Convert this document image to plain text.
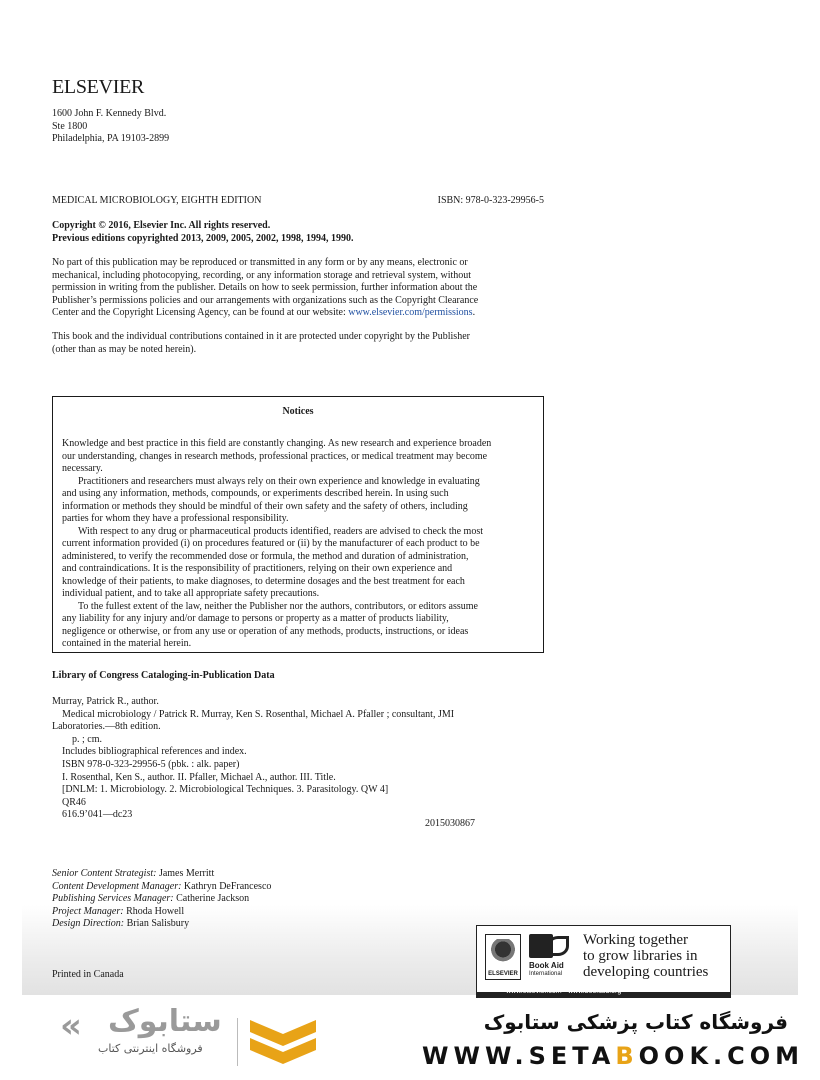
ELSEVIER
1600 John F. Kennedy Blvd.
Ste 1800
Philadelphia, PA 19103-2899
MEDICAL MICROBIOLOGY, EIGHTH EDITION	ISBN: 978-0-323-29956-5
Copyright © 2016, Elsevier Inc. All rights reserved.
Previous editions copyrighted 2013, 2009, 2005, 2002, 1998, 1994, 1990.
No part of this publication may be reproduced or transmitted in any form or by any means, electronic or
mechanical, including photocopying, recording, or any information storage and retrieval system, without
permission in writing from the publisher. Details on how to seek permission, further information about the
Publisher’s permissions policies and our arrangements with organizations such as the Copyright Clearance
Center and the Copyright Licensing Agency, can be found at our website: www.elsevier.com/permissions.
This book and the individual contributions contained in it are protected under copyright by the Publisher
(other than as may be noted herein).
Notices

Knowledge and best practice in this field are constantly changing. As new research and experience broaden

our understanding, changes in research methods, professional practices, or medical treatment may become

necessary.

Practitioners and researchers must always rely on their own experience and knowledge in evaluating

and using any information, methods, compounds, or experiments described herein. In using such

information or methods they should be mindful of their own safety and the safety of others, including

parties for whom they have a professional responsibility.

With respect to any drug or pharmaceutical products identified, readers are advised to check the most

current information provided (i) on procedures featured or (ii) by the manufacturer of each product to be

administered, to verify the recommended dose or formula, the method and duration of administration,

and contraindications. It is the responsibility of practitioners, relying on their own experience and

knowledge of their patients, to make diagnoses, to determine dosages and the best treatment for each

individual patient, and to take all appropriate safety precautions.

To the fullest extent of the law, neither the Publisher nor the authors, contributors, or editors assume

any liability for any injury and/or damage to persons or property as a matter of products liability,

negligence or otherwise, or from any use or operation of any methods, products, instructions, or ideas

contained in the material herein.

Library of Congress Cataloging-in-Publication Data
Murray, Patrick R., author.
Medical microbiology / Patrick R. Murray, Ken S. Rosenthal, Michael A. Pfaller ; consultant, JMI
Laboratories.—8th edition.
p. ; cm.
Includes bibliographical references and index.
ISBN 978-0-323-29956-5 (pbk. : alk. paper)
I. Rosenthal, Ken S., author. II. Pfaller, Michael A., author. III. Title.
[DNLM: 1. Microbiology. 2. Microbiological Techniques. 3. Parasitology. QW 4]
QR46
616.9’041—dc23
2015030867
Senior Content Strategist: James Merritt
Content Development Manager: Kathryn DeFrancesco
Publishing Services Manager: Catherine Jackson
Project Manager: Rhoda Howell
Design Direction: Brian Salisbury
Printed in Canada	ELSEVIER
Book Aid
International
Working together
to grow libraries in
developing countries
www.elsevier.com • www.bookaid.org
« ستابوک
فروشگاه اینترنتی کتاب
فروشگاه کتاب پزشکی ستابوک
WWW.SETABOOK.COM
